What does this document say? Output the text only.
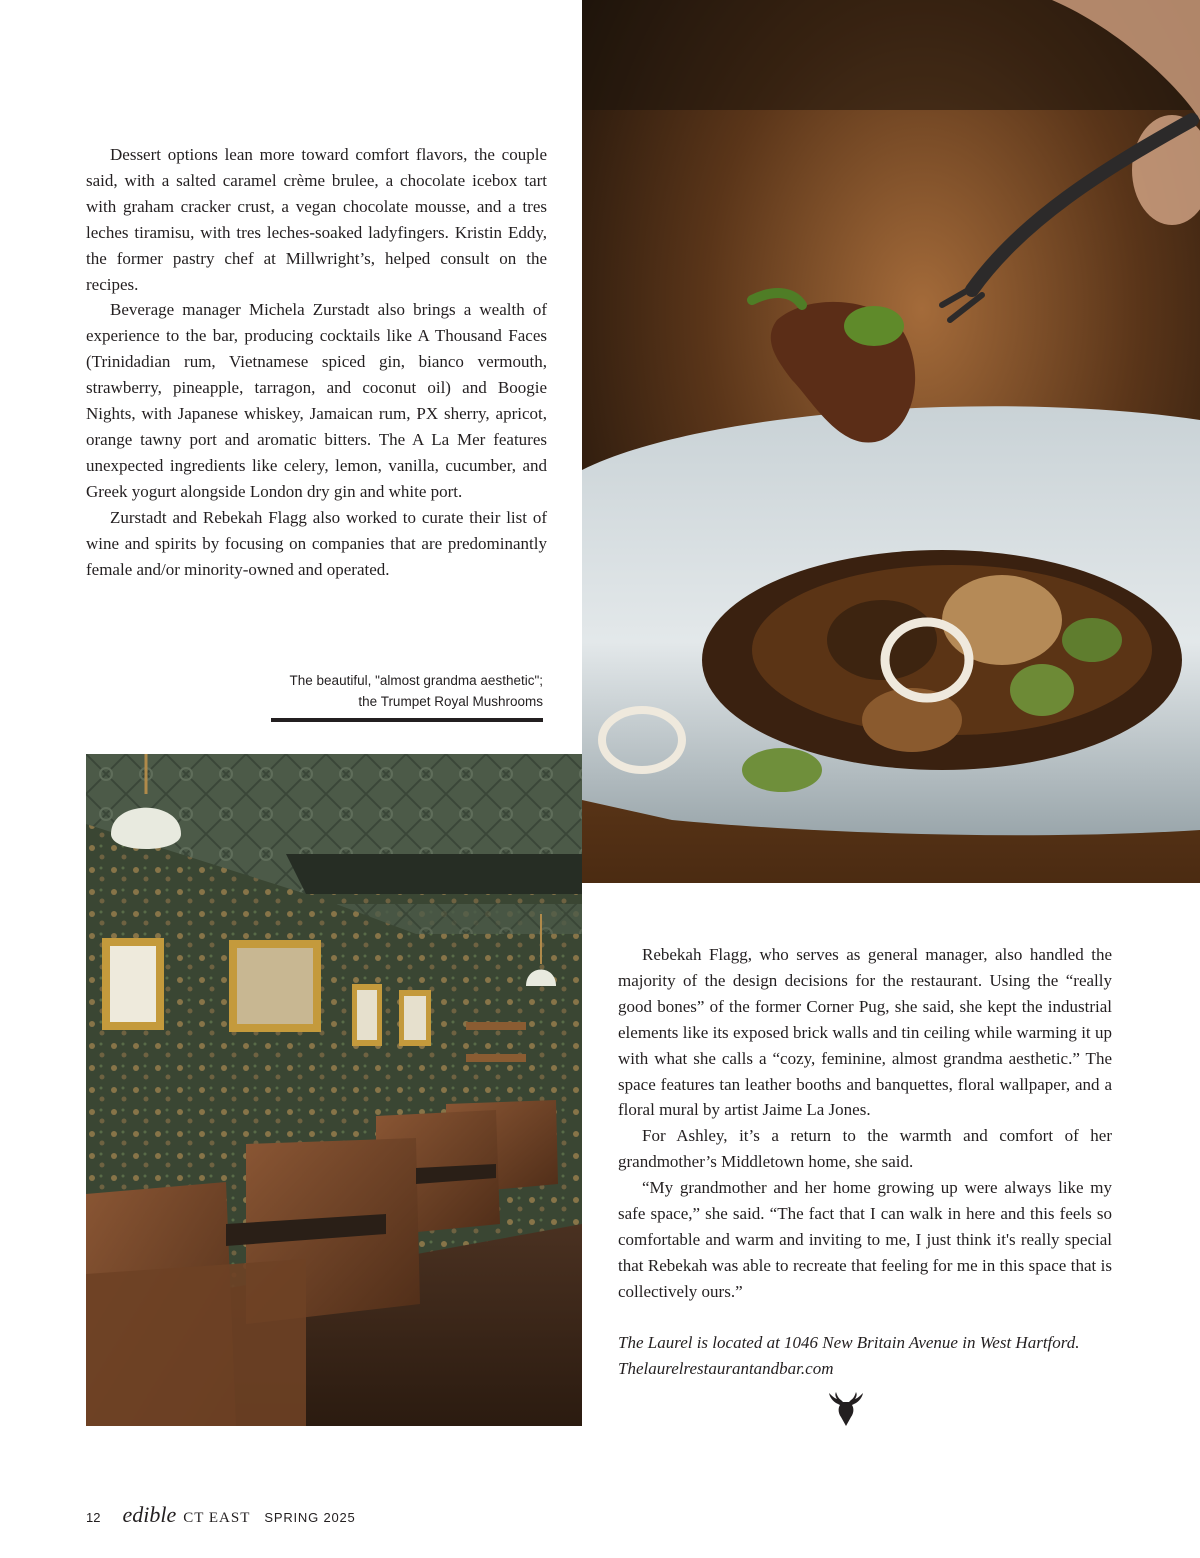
Dessert options lean more toward comfort flavors, the couple said, with a salted caramel crème brulee, a chocolate icebox tart with graham cracker crust, a vegan chocolate mousse, and a tres leches tiramisu, with tres leches-soaked ladyfingers. Kristin Eddy, the former pastry chef at Millwright’s, helped consult on the recipes.

Beverage manager Michela Zurstadt also brings a wealth of experience to the bar, producing cocktails like A Thousand Faces (Trinidadian rum, Vietnamese spiced gin, bianco vermouth, strawberry, pineapple, tarragon, and coconut oil) and Boogie Nights, with Japanese whiskey, Jamaican rum, PX sherry, apricot, orange tawny port and aromatic bitters. The A La Mer features unexpected ingredients like celery, lemon, vanilla, cucumber, and Greek yogurt alongside London dry gin and white port.

Zurstadt and Rebekah Flagg also worked to curate their list of wine and spirits by focusing on companies that are predominantly female and/or minority-owned and operated.

The beautiful, "almost grandma aesthetic";
the Trumpet Royal Mushrooms

Rebekah Flagg, who serves as general manager, also handled the majority of the design decisions for the restaurant. Using the “really good bones” of the former Corner Pug, she said, she kept the industrial elements like its exposed brick walls and tin ceiling while warming it up with what she calls a “cozy, feminine, almost grandma aesthetic.” The space features tan leather booths and banquettes, floral wallpaper, and a floral mural by artist Jaime La Jones.

For Ashley, it’s a return to the warmth and comfort of her grandmother’s Middletown home, she said.

“My grandmother and her home growing up were always like my safe space,” she said. “The fact that I can walk in here and this feels so comfortable and warm and inviting to me, I just think it's really special that Rebekah was able to recreate that feeling for me in this space that is collectively ours.”

The Laurel is located at 1046 New Britain Avenue in West Hartford.
Thelaurelrestaurantandbar.com
12 edible CT EAST SPRING 2025
